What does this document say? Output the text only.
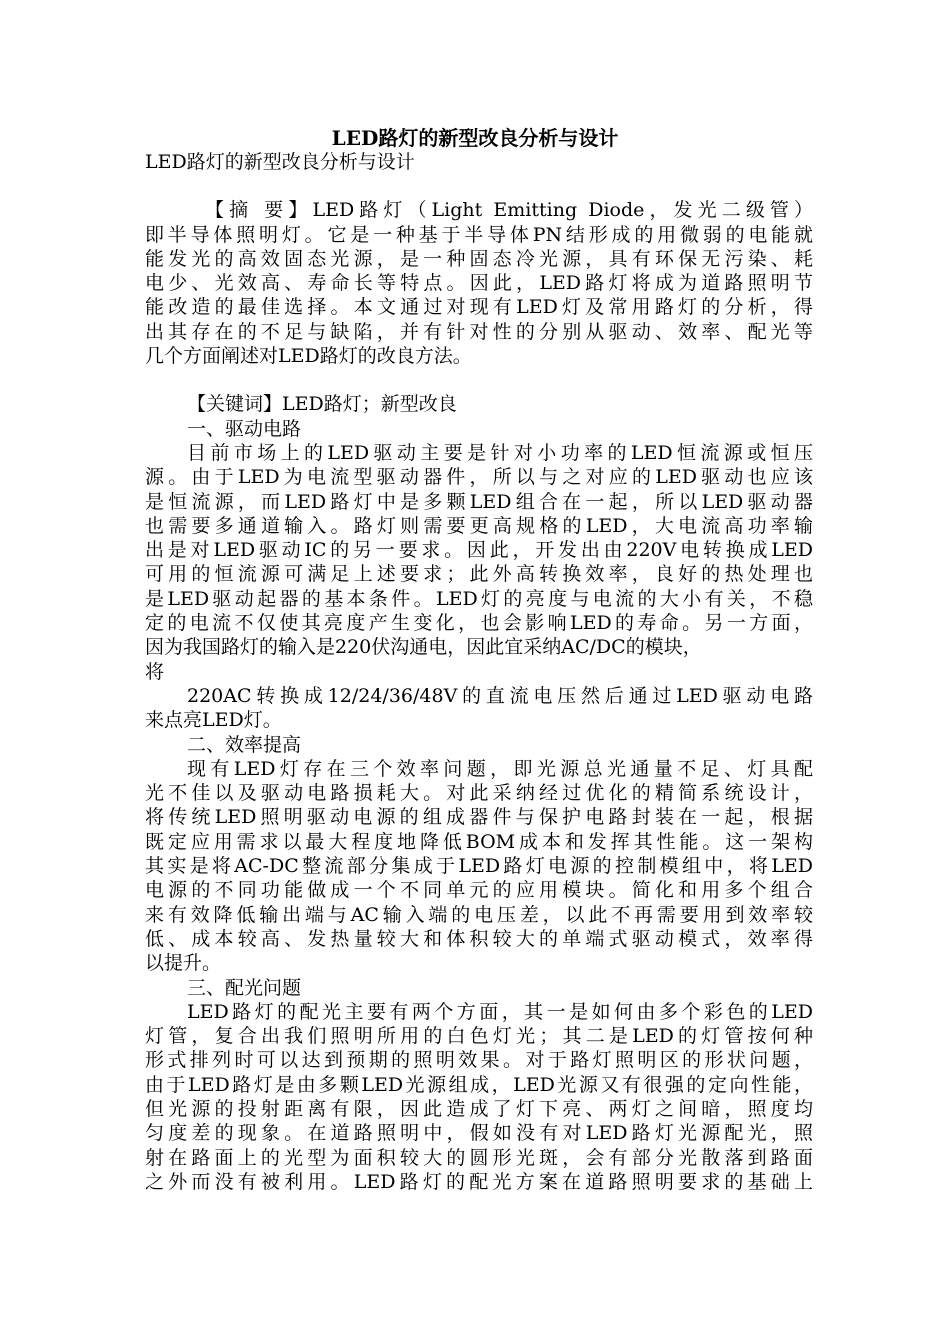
LED路灯的新型改良分析与设计
LED路灯的新型改良分析与设计
【摘 要】LED路灯（Light Emitting Diode，发光二级管）
即半导体照明灯。它是一种基于半导体PN结形成的用微弱的电能就
能发光的高效固态光源，是一种固态冷光源，具有环保无污染、耗
电少、光效高、寿命长等特点。因此，LED路灯将成为道路照明节
能改造的最佳选择。本文通过对现有LED灯及常用路灯的分析，得
出其存在的不足与缺陷，并有针对性的分别从驱动、效率、配光等
几个方面阐述对LED路灯的改良方法。
【关键词】LED路灯；新型改良
一、驱动电路
目前市场上的LED驱动主要是针对小功率的LED恒流源或恒压
源。由于LED为电流型驱动器件，所以与之对应的LED驱动也应该
是恒流源，而LED路灯中是多颗LED组合在一起，所以LED驱动器
也需要多通道输入。路灯则需要更高规格的LED，大电流高功率输
出是对LED驱动IC的另一要求。因此，开发出由220V电转换成LED
可用的恒流源可满足上述要求；此外高转换效率，良好的热处理也
是LED驱动起器的基本条件。LED灯的亮度与电流的大小有关，不稳
定的电流不仅使其亮度产生变化，也会影响LED的寿命。另一方面，
因为我国路灯的输入是220伏沟通电，因此宜采纳AC/DC的模块，
将
220AC转换成12/24/36/48V的直流电压然后通过LED驱动电路
来点亮LED灯。
二、效率提高
现有LED灯存在三个效率问题，即光源总光通量不足、灯具配
光不佳以及驱动电路损耗大。对此采纳经过优化的精简系统设计，
将传统LED照明驱动电源的组成器件与保护电路封装在一起，根据
既定应用需求以最大程度地降低BOM成本和发挥其性能。这一架构
其实是将AC-DC整流部分集成于LED路灯电源的控制模组中，将LED
电源的不同功能做成一个不同单元的应用模块。简化和用多个组合
来有效降低输出端与AC输入端的电压差，以此不再需要用到效率较
低、成本较高、发热量较大和体积较大的单端式驱动模式，效率得
以提升。
三、配光问题
LED路灯的配光主要有两个方面，其一是如何由多个彩色的LED
灯管，复合出我们照明所用的白色灯光；其二是LED的灯管按何种
形式排列时可以达到预期的照明效果。对于路灯照明区的形状问题，
由于LED路灯是由多颗LED光源组成，LED光源又有很强的定向性能，
但光源的投射距离有限，因此造成了灯下亮、两灯之间暗，照度均
匀度差的现象。在道路照明中，假如没有对LED路灯光源配光，照
射在路面上的光型为面积较大的圆形光斑，会有部分光散落到路面
之外而没有被利用。LED路灯的配光方案在道路照明要求的基础上
